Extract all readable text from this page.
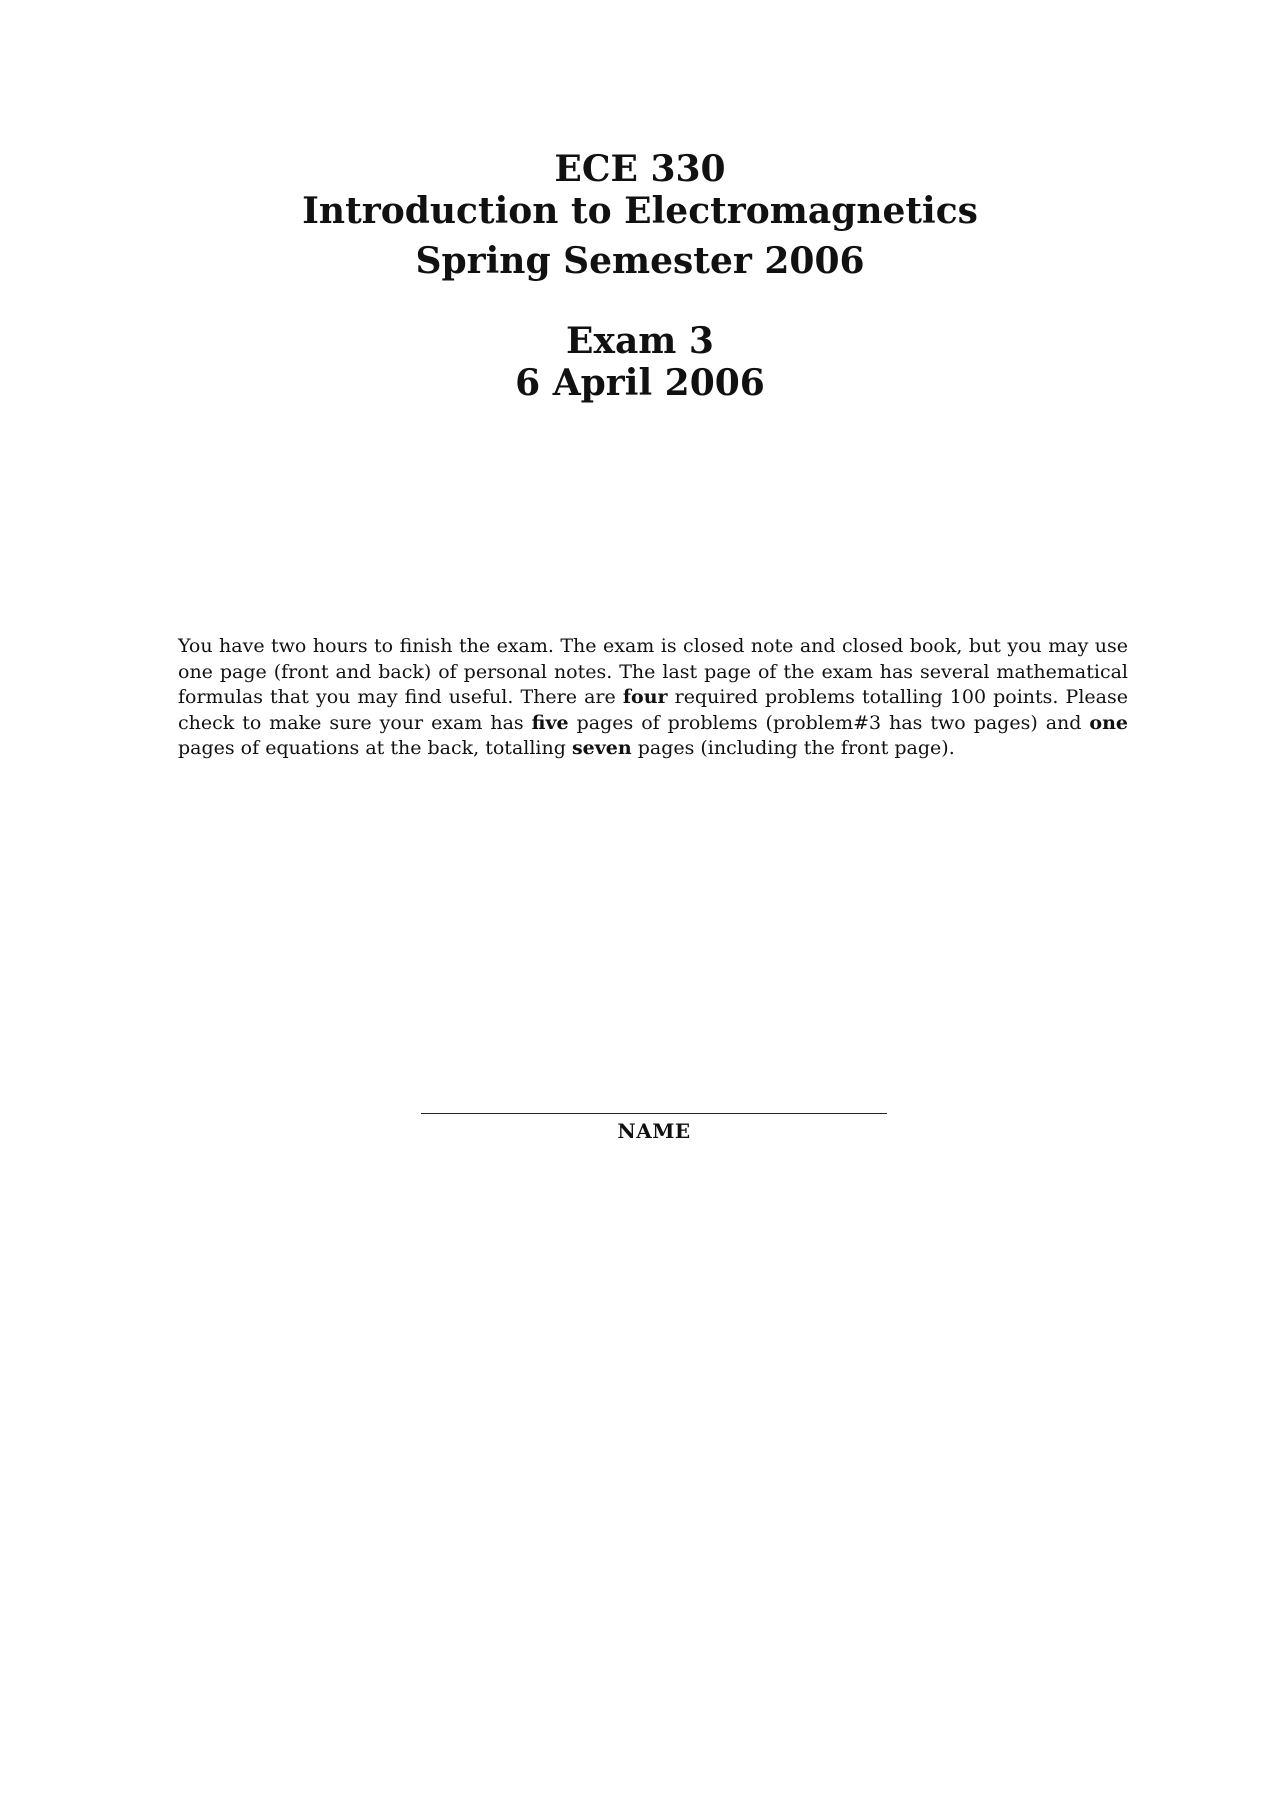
ECE 330
Introduction to Electromagnetics
Spring Semester 2006
Exam 3
6 April 2006
You have two hours to finish the exam. The exam is closed note and closed book, but you may use one page (front and back) of personal notes. The last page of the exam has several mathematical formulas that you may find useful. There are four required problems totalling 100 points. Please check to make sure your exam has five pages of problems (problem#3 has two pages) and one pages of equations at the back, totalling seven pages (including the front page).
NAME
